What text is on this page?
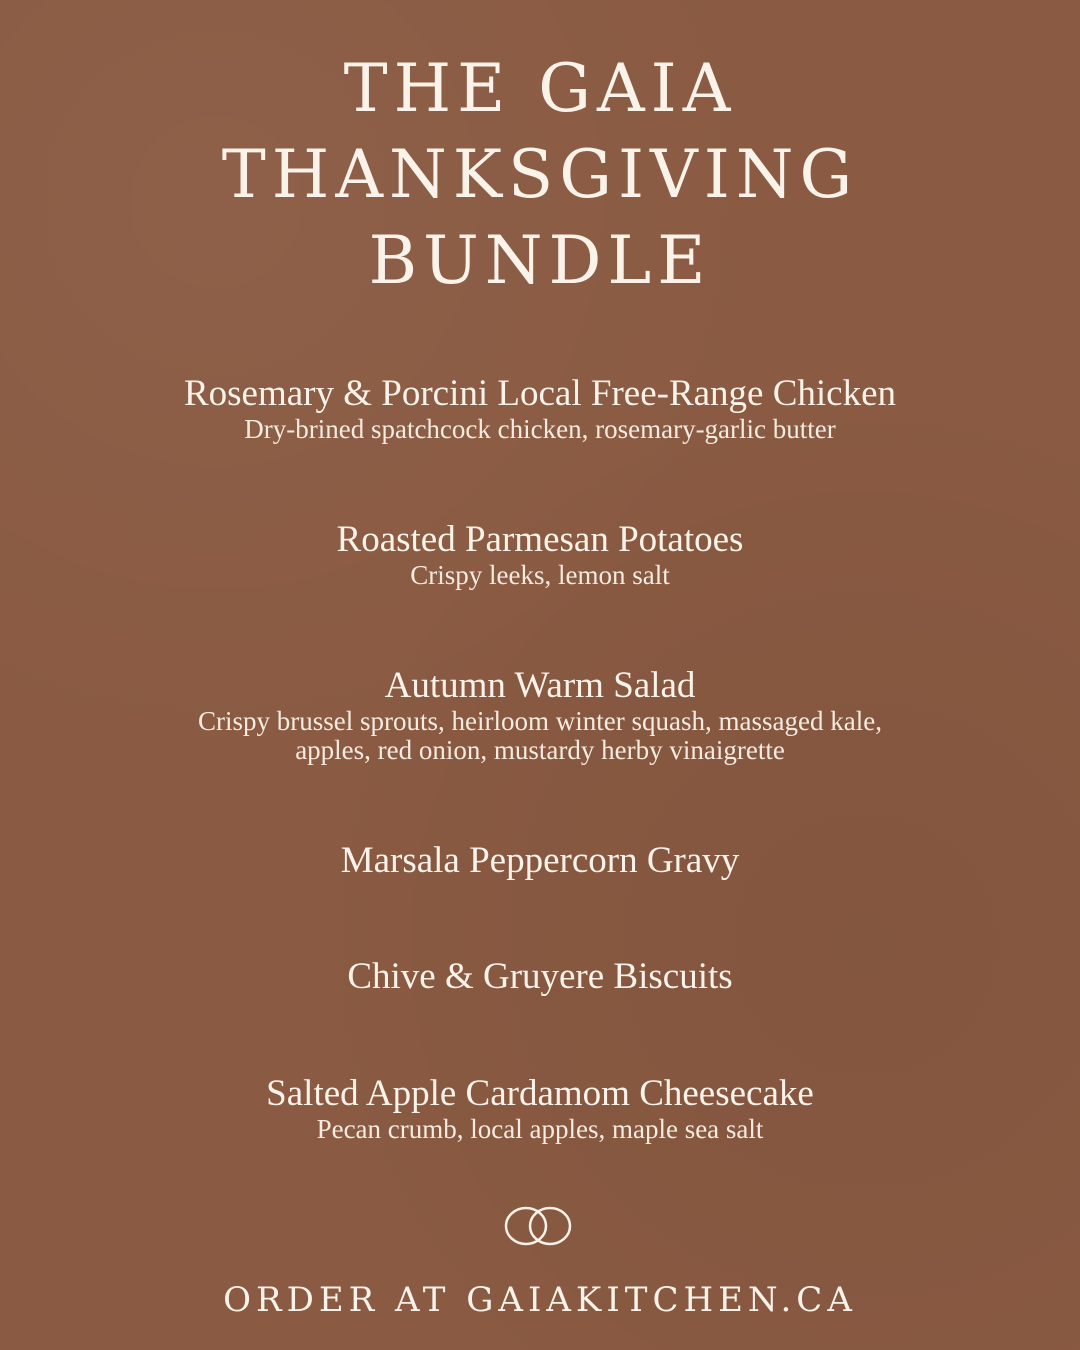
THE GAIA
THANKSGIVING
BUNDLE
Rosemary & Porcini Local Free-Range Chicken
Dry-brined spatchcock chicken, rosemary-garlic butter
Roasted Parmesan Potatoes
Crispy leeks, lemon salt
Autumn Warm Salad
Crispy brussel sprouts, heirloom winter squash, massaged kale,
apples, red onion, mustardy herby vinaigrette
Marsala Peppercorn Gravy
Chive & Gruyere Biscuits
Salted Apple Cardamom Cheesecake
Pecan crumb, local apples, maple sea salt
ORDER AT GAIAKITCHEN.CA
